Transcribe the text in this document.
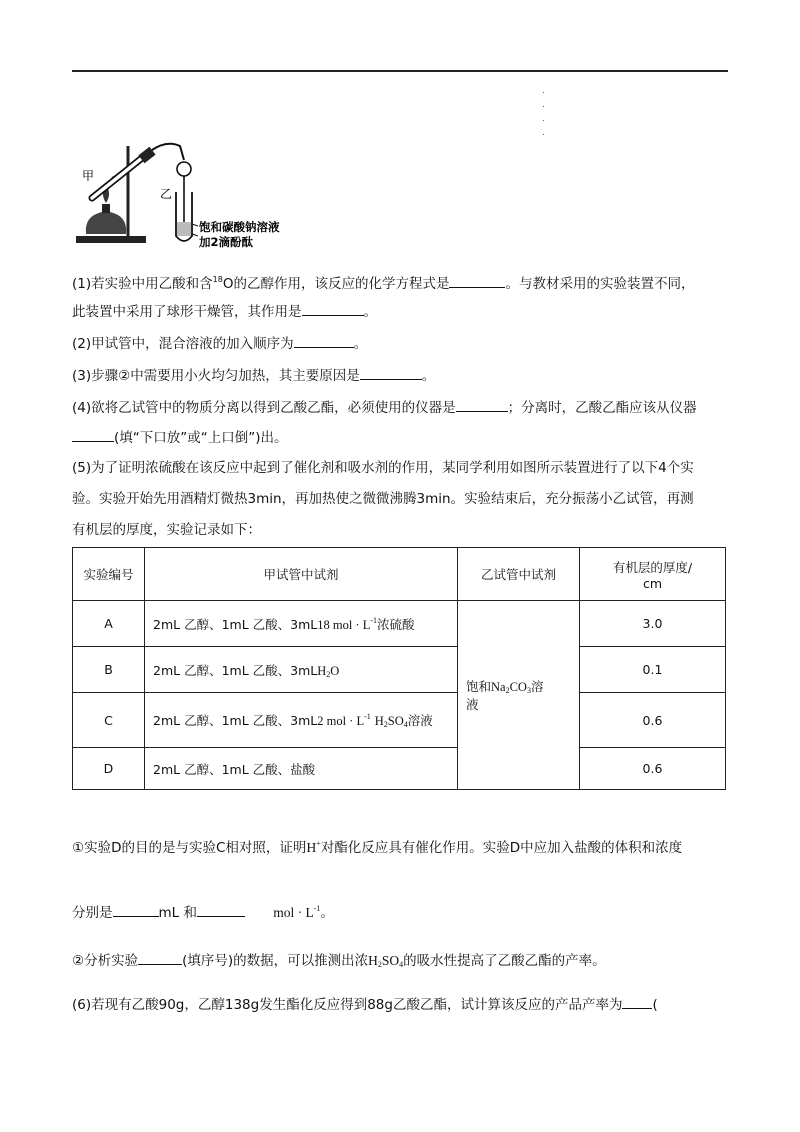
.
.
.
.
甲
乙
饱和碳酸钠溶液
加2滴酚酞
(1)若实验中用乙酸和含$^{18}$O的乙醇作用，该反应的化学方程式是	。与教材采用的实验装置不同，
此装置中采用了球形干燥管，其作用是	。
(2)甲试管中，混合溶液的加入顺序为	。
(3)步骤②中需要用小火均匀加热，其主要原因是	。
(4)欲将乙试管中的物质分离以得到乙酸乙酯，必须使用的仪器是	；分离时，乙酸乙酯应该从仪器
(填“下口放”或“上口倒”)出。
(5)为了证明浓硫酸在该反应中起到了催化剂和吸水剂的作用，某同学利用如图所示装置进行了以下4个实
验。实验开始先用酒精灯微热3min，再加热使之微微沸腾3min。实验结束后，充分振荡小乙试管，再测
有机层的厚度，实验记录如下：
实验编号	甲试管中试剂	乙试管中试剂	有机层的厚度/
cm
A	2mL 乙醇、1mL 乙酸、3mL18 mol · $L^{-1}$浓硫酸	饱和Na2CO3溶
液	3.0
B	2mL 乙醇、1mL 乙酸、3mLH2O		0.1
C	2mL 乙醇、1mL 乙酸、3mL2 mol · $L^{-1}$ H2SO4溶液		0.6
D	2mL 乙醇、1mL 乙酸、盐酸		0.6
①实验D的目的是与实验C相对照，证明H+对酯化反应具有催化作用。实验D中应加入盐酸的体积和浓度
分别是	mL 和	mol · $L^{-1}$。
②分析实验	(填序号)的数据，可以推测出浓H2SO4的吸水性提高了乙酸乙酯的产率。
(6)若现有乙酸90g，乙醇138g发生酯化反应得到88g乙酸乙酯，试计算该反应的产品产率为 (
